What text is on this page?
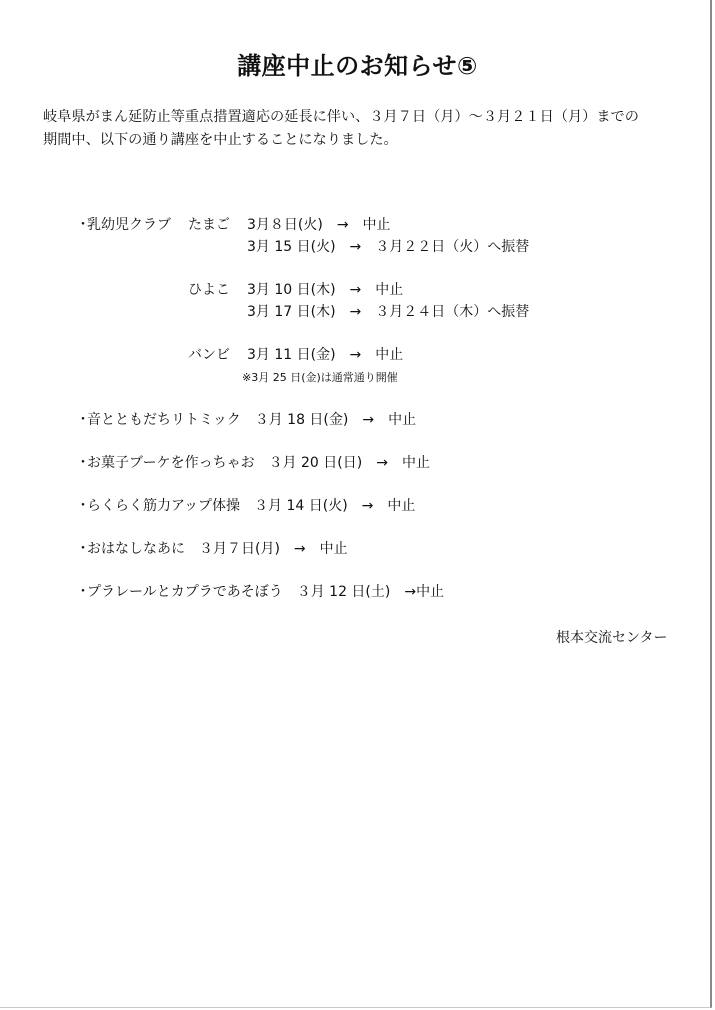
講座中止のお知らせ⑤
岐阜県がまん延防止等重点措置適応の延長に伴い、３月７日（月）〜３月２１日（月）までの
期間中、以下の通り講座を中止することになりました。
・
乳幼児クラブ たまご 3月８日(火)　→　中止
3月 15 日(火)　→　３月２２日（火）へ振替
ひよこ 3月 10 日(木)　→　中止
3月 17 日(木)　→　３月２４日（木）へ振替
バンビ 3月 11 日(金)　→　中止
※3月 25 日(金)は通常通り開催
・
音とともだちリトミック　３月 18 日(金)　→　中止
・
お菓子ブーケを作っちゃお　３月 20 日(日)　→　中止
・
らくらく筋力アップ体操　３月 14 日(火)　→　中止
・
おはなしなあに　３月７日(月)　→　中止
・
プラレールとカプラであそぼう　３月 12 日(土)　→中止
根本交流センター
